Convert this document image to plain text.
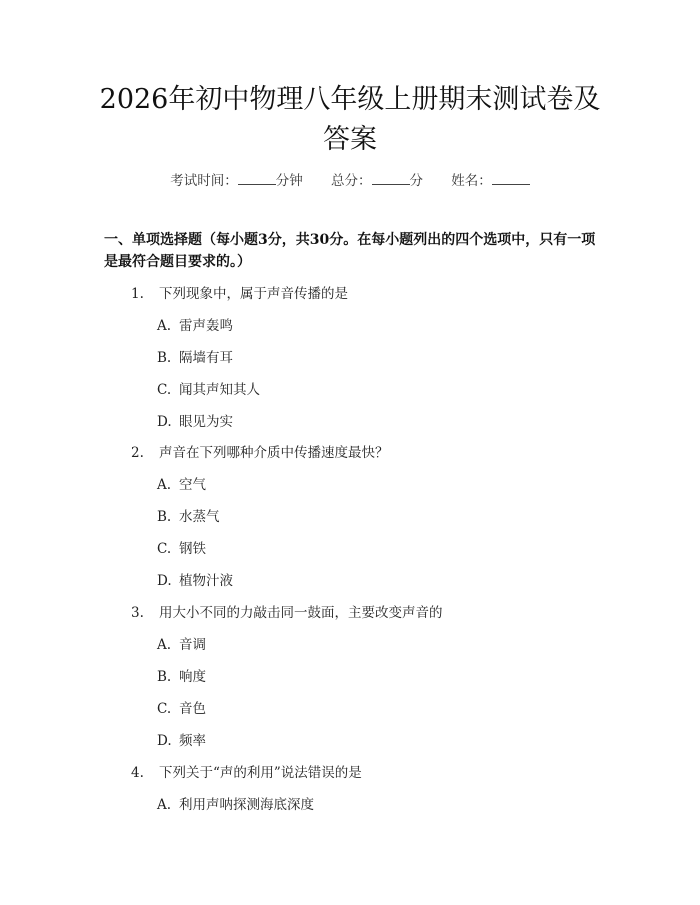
2026年初中物理八年级上册期末测试卷及答案
考试时间：	分钟 总分：	分 姓名：

一、单项选择题（每小题3分，共30分。在每小题列出的四个选项中，只有一项是最符合题目要求的。）

1. 下列现象中，属于声音传播的是
A. 雷声轰鸣
B. 隔墙有耳
C. 闻其声知其人
D. 眼见为实
2. 声音在下列哪种介质中传播速度最快？
A. 空气
B. 水蒸气
C. 钢铁
D. 植物汁液
3. 用大小不同的力敲击同一鼓面，主要改变声音的
A. 音调
B. 响度
C. 音色
D. 频率
4. 下列关于“声的利用”说法错误的是
A. 利用声呐探测海底深度
